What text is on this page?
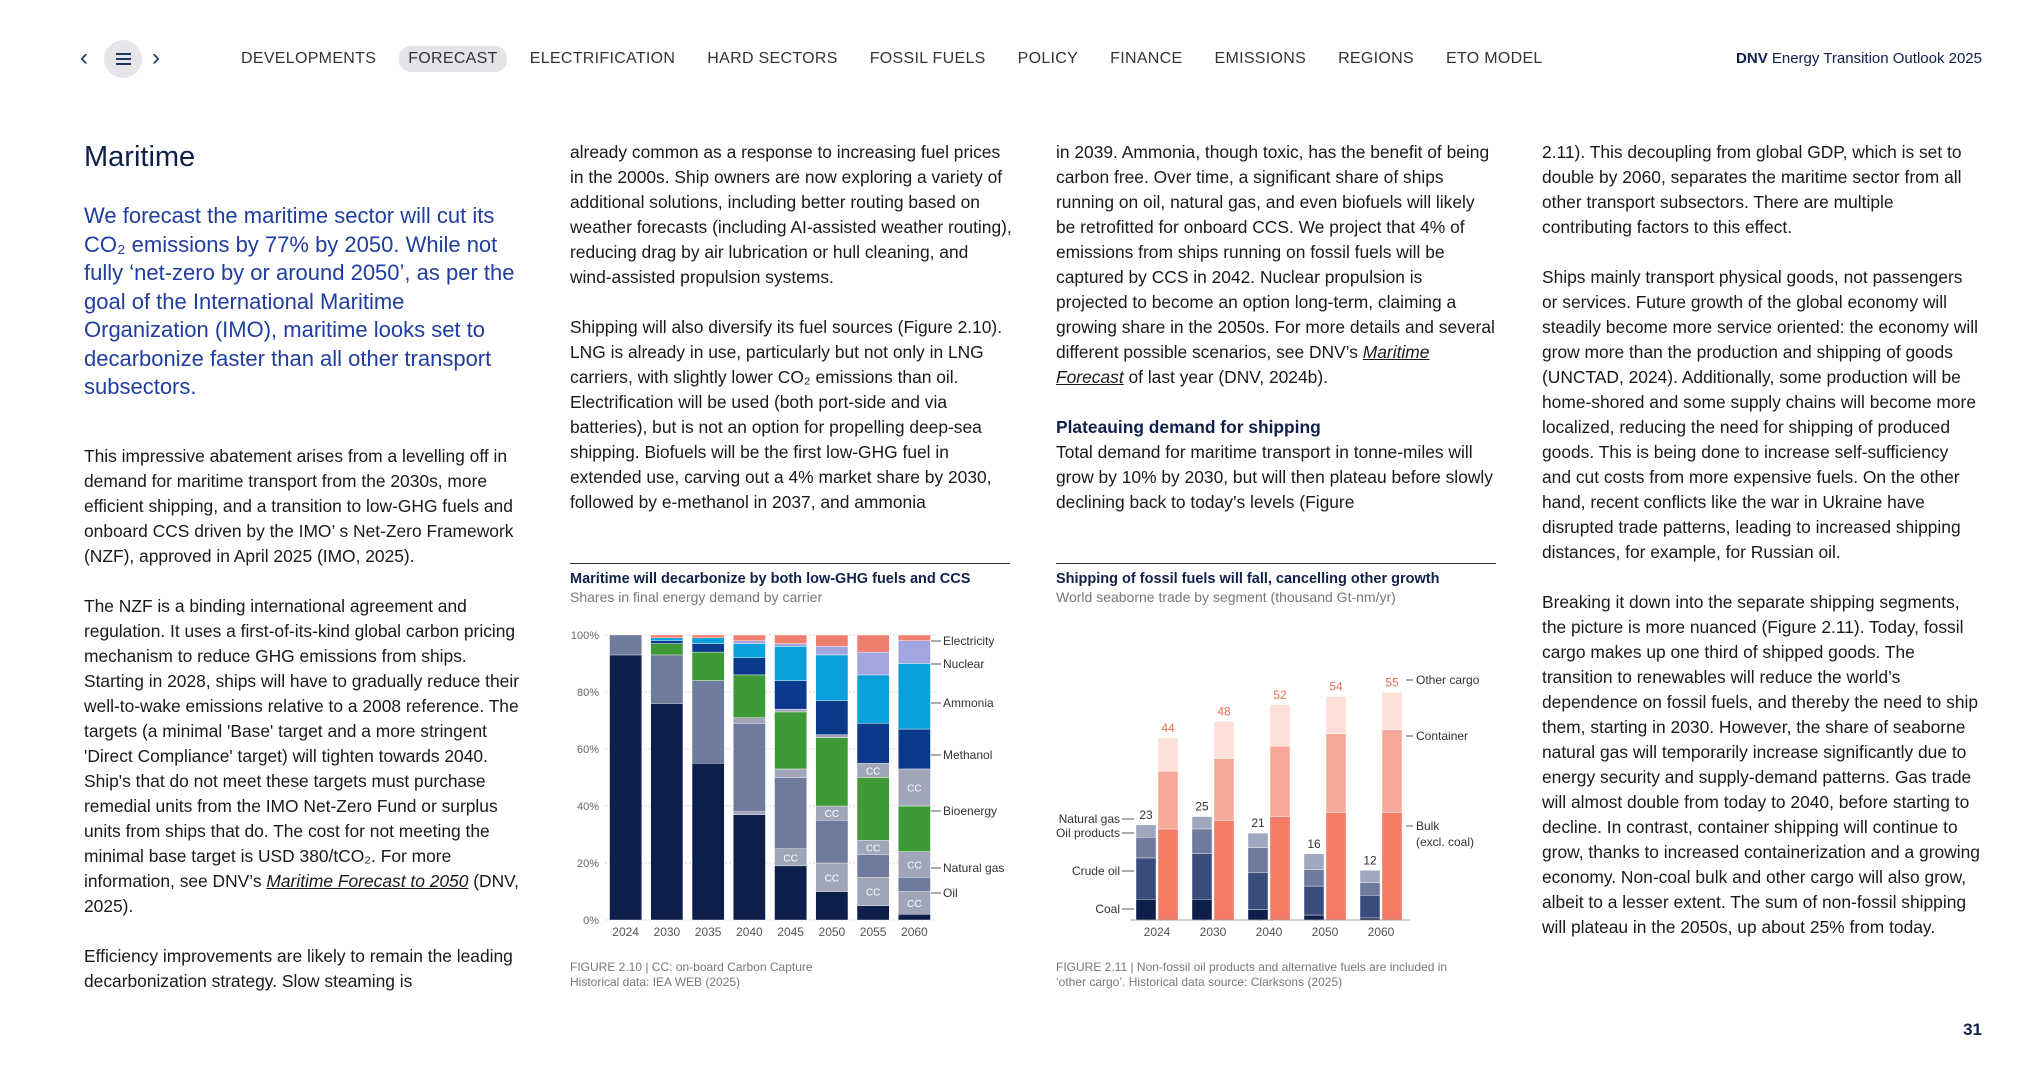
‹	›	DEVELOPMENTS	FORECAST	ELECTRIFICATION	HARD SECTORS	FOSSIL FUELS	POLICY	FINANCE	EMISSIONS	REGIONS	ETO MODEL	DNV Energy Transition Outlook 2025
Maritime
We forecast the maritime sector will cut its CO₂ emissions by 77% by 2050. While not fully ‘net-zero by or around 2050’, as per the goal of the International Maritime Organization (IMO), maritime looks set to decarbonize faster than all other transport subsectors.

This impressive abatement arises from a levelling off in demand for maritime transport from the 2030s, more efficient shipping, and a transition to low-GHG fuels and onboard CCS driven by the IMO’ s Net-Zero Framework (NZF), approved in April 2025 (IMO, 2025).

The NZF is a binding international agreement and regulation. It uses a first-of-its-kind global carbon pricing mechanism to reduce GHG emissions from ships. Starting in 2028, ships will have to gradually reduce their well-to-wake emissions relative to a 2008 reference. The targets (a minimal 'Base' target and a more stringent 'Direct Compliance' target) will tighten towards 2040. Ship's that do not meet these targets must purchase remedial units from the IMO Net-Zero Fund or surplus units from ships that do. The cost for not meeting the minimal base target is USD 380/tCO₂. For more information, see DNV’s Maritime Forecast to 2050 (DNV, 2025).

Efficiency improvements are likely to remain the leading decarbonization strategy. Slow steaming is

already common as a response to increasing fuel prices in the 2000s. Ship owners are now exploring a variety of additional solutions, including better routing based on weather forecasts (including AI-assisted weather routing), reducing drag by air lubrication or hull cleaning, and wind-assisted propulsion systems.

Shipping will also diversify its fuel sources (Figure 2.10). LNG is already in use, particularly but not only in LNG carriers, with slightly lower CO₂ emissions than oil. Electrification will be used (both port-side and via batteries), but is not an option for propelling deep-sea shipping. Biofuels will be the first low-GHG fuel in extended use, carving out a 4% market share by 2030, followed by e-methanol in 2037, and ammonia

in 2039. Ammonia, though toxic, has the benefit of being carbon free. Over time, a significant share of ships running on oil, natural gas, and even biofuels will likely be retrofitted for onboard CCS. We project that 4% of emissions from ships running on fossil fuels will be captured by CCS in 2042. Nuclear propulsion is projected to become an option long-term, claiming a growing share in the 2050s. For more details and several different possible scenarios, see DNV’s Maritime Forecast of last year (DNV, 2024b).

Plateauing demand for shipping

Total demand for maritime transport in tonne-miles will grow by 10% by 2030, but will then plateau before slowly declining back to today’s levels (Figure

2.11). This decoupling from global GDP, which is set to double by 2060, separates the maritime sector from all other transport subsectors. There are multiple contributing factors to this effect.

Ships mainly transport physical goods, not passengers or services. Future growth of the global economy will steadily become more service oriented: the economy will grow more than the production and shipping of goods (UNCTAD, 2024). Additionally, some production will be home-shored and some supply chains will become more localized, reducing the need for shipping of produced goods. This is being done to increase self-sufficiency and cut costs from more expensive fuels. On the other hand, recent conflicts like the war in Ukraine have disrupted trade patterns, leading to increased shipping distances, for example, for Russian oil.

Breaking it down into the separate shipping segments, the picture is more nuanced (Figure 2.11). Today, fossil cargo makes up one third of shipped goods. The transition to renewables will reduce the world’s dependence on fossil fuels, and thereby the need to ship them, starting in 2030. However, the share of seaborne natural gas will temporarily increase significantly due to energy security and supply-demand patterns. Gas trade will almost double from today to 2040, before starting to decline. In contrast, container shipping will continue to grow, thanks to increased containerization and a growing economy. Non-coal bulk and other cargo will also grow, albeit to a lesser extent. The sum of non-fossil shipping will plateau in the 2050s, up about 25% from today.

Maritime will decarbonize by both low-GHG fuels and CCS
Shares in final energy demand by carrier
0%
20%
40%
60%
80%
100%
2024 2030 2035 2040
CC
2045
CC
CC
2050
CC
CC
CC
2055
CC
CC
CC
2060
Electricity
Nuclear
Ammonia
Methanol
Bioenergy
Natural gas
Oil
FIGURE 2.10 | CC: on-board Carbon Capture
Historical data: IEA WEB (2025)
Shipping of fossil fuels will fall, cancelling other growth
World seaborne trade by segment (thousand Gt-nm/yr)
23
44
2024
25
48
2030
21
52
2040
16
54
2050
12
55
2060
Natural gas
Oil products
Crude oil
Coal
Other cargo
Container
Bulk
(excl. coal)
FIGURE 2.11 | Non-fossil oil products and alternative fuels are included in
‘other cargo’. Historical data source: Clarksons (2025)
31
